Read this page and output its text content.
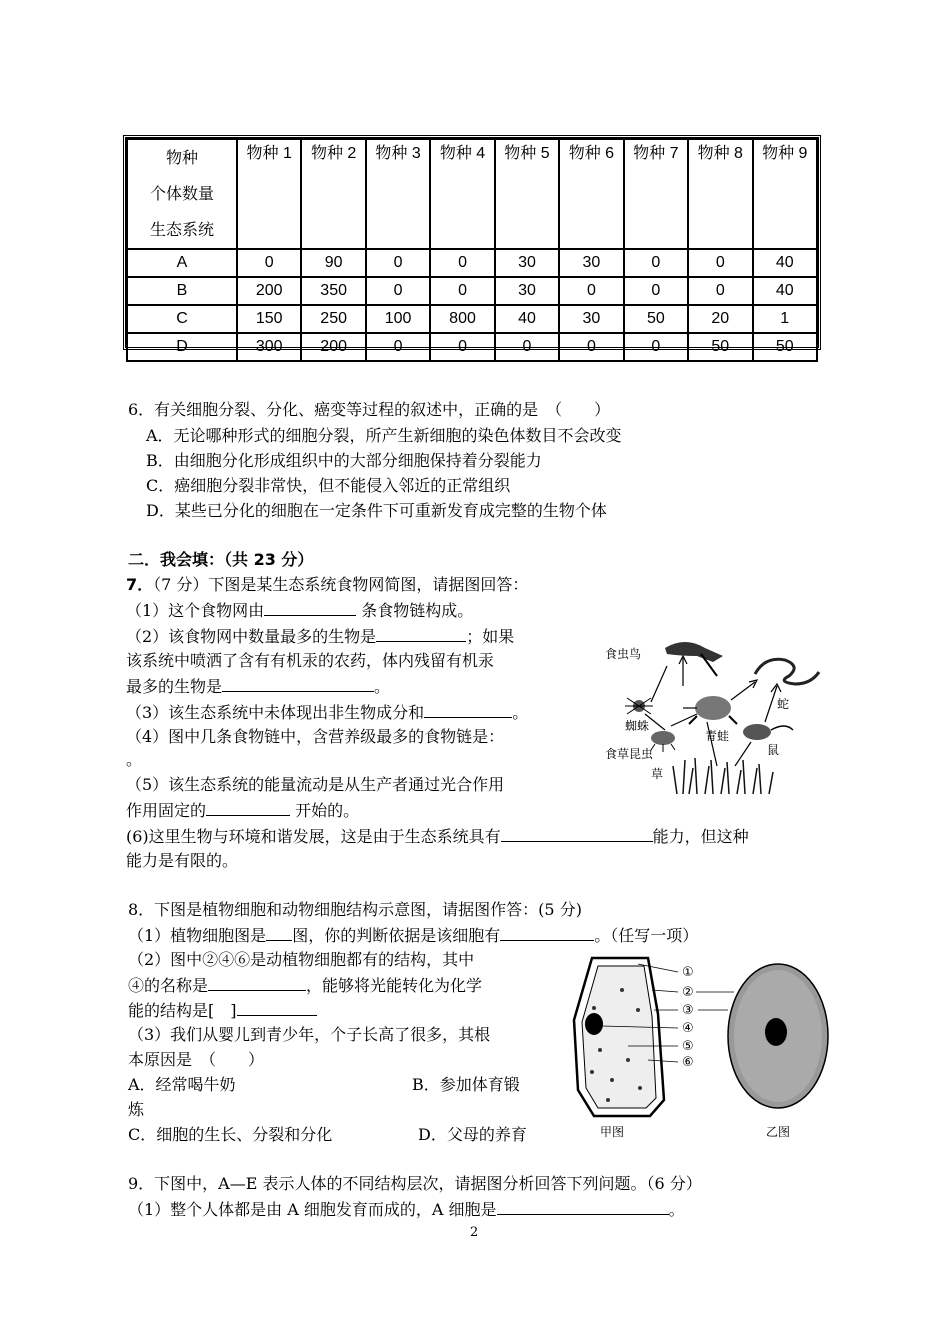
物种
个体数量
生态系统	物种 1	物种 2	物种 3	物种 4	物种 5	物种 6	物种 7	物种 8	物种 9
A	0	90	0	0	30	30	0	0	40
B	200	350	0	0	30	0	0	0	40
C	150	250	100	800	40	30	50	20	1
D	300	200	0	0	0	0	0	50	50
6．有关细胞分裂、分化、癌变等过程的叙述中，正确的是　（　　）
A．无论哪种形式的细胞分裂，所产生新细胞的染色体数目不会改变
B．由细胞分化形成组织中的大部分细胞保持着分裂能力
C．癌细胞分裂非常快，但不能侵入邻近的正常组织
D．某些已分化的细胞在一定条件下可重新发育成完整的生物个体
二．我会填：（共 23 分）
7．（7 分）下图是某生态系统食物网简图，请据图回答：
（1）这个食物网由	条食物链构成。
（2）该食物网中数量最多的生物是	；如果
该系统中喷洒了含有有机汞的农药，体内残留有机汞
最多的生物是	。
（3）该生态系统中未体现出非生物成分和	。
（4）图中几条食物链中，含营养级最多的食物链是：
。
（5）该生态系统的能量流动是从生产者通过光合作用
作用固定的	开始的。
(6)这里生物与环境和谐发展，这是由于生态系统具有	能力，但这种
能力是有限的。
食虫鸟
蛇
蜘蛛
青蛙
食草昆虫	鼠
草
8．下图是植物细胞和动物细胞结构示意图，请据图作答：(5 分)
（1）植物细胞图是 图，你的判断依据是该细胞有	。（任写一项）
（2）图中②④⑥是动植物细胞都有的结构，其中
④的名称是	，能够将光能转化为化学
能的结构是[　]
（3）我们从婴儿到青少年，个子长高了很多，其根
本原因是　（　　）
A．经常喝牛奶	B．参加体育锻
炼
C．细胞的生长、分裂和分化	D．父母的养育
①
②
③
④
⑤
⑥
甲图	乙图
9．下图中，A—E 表示人体的不同结构层次，请据图分析回答下列问题。（6 分）
（1）整个人体都是由 A 细胞发育而成的，A 细胞是	。
2
